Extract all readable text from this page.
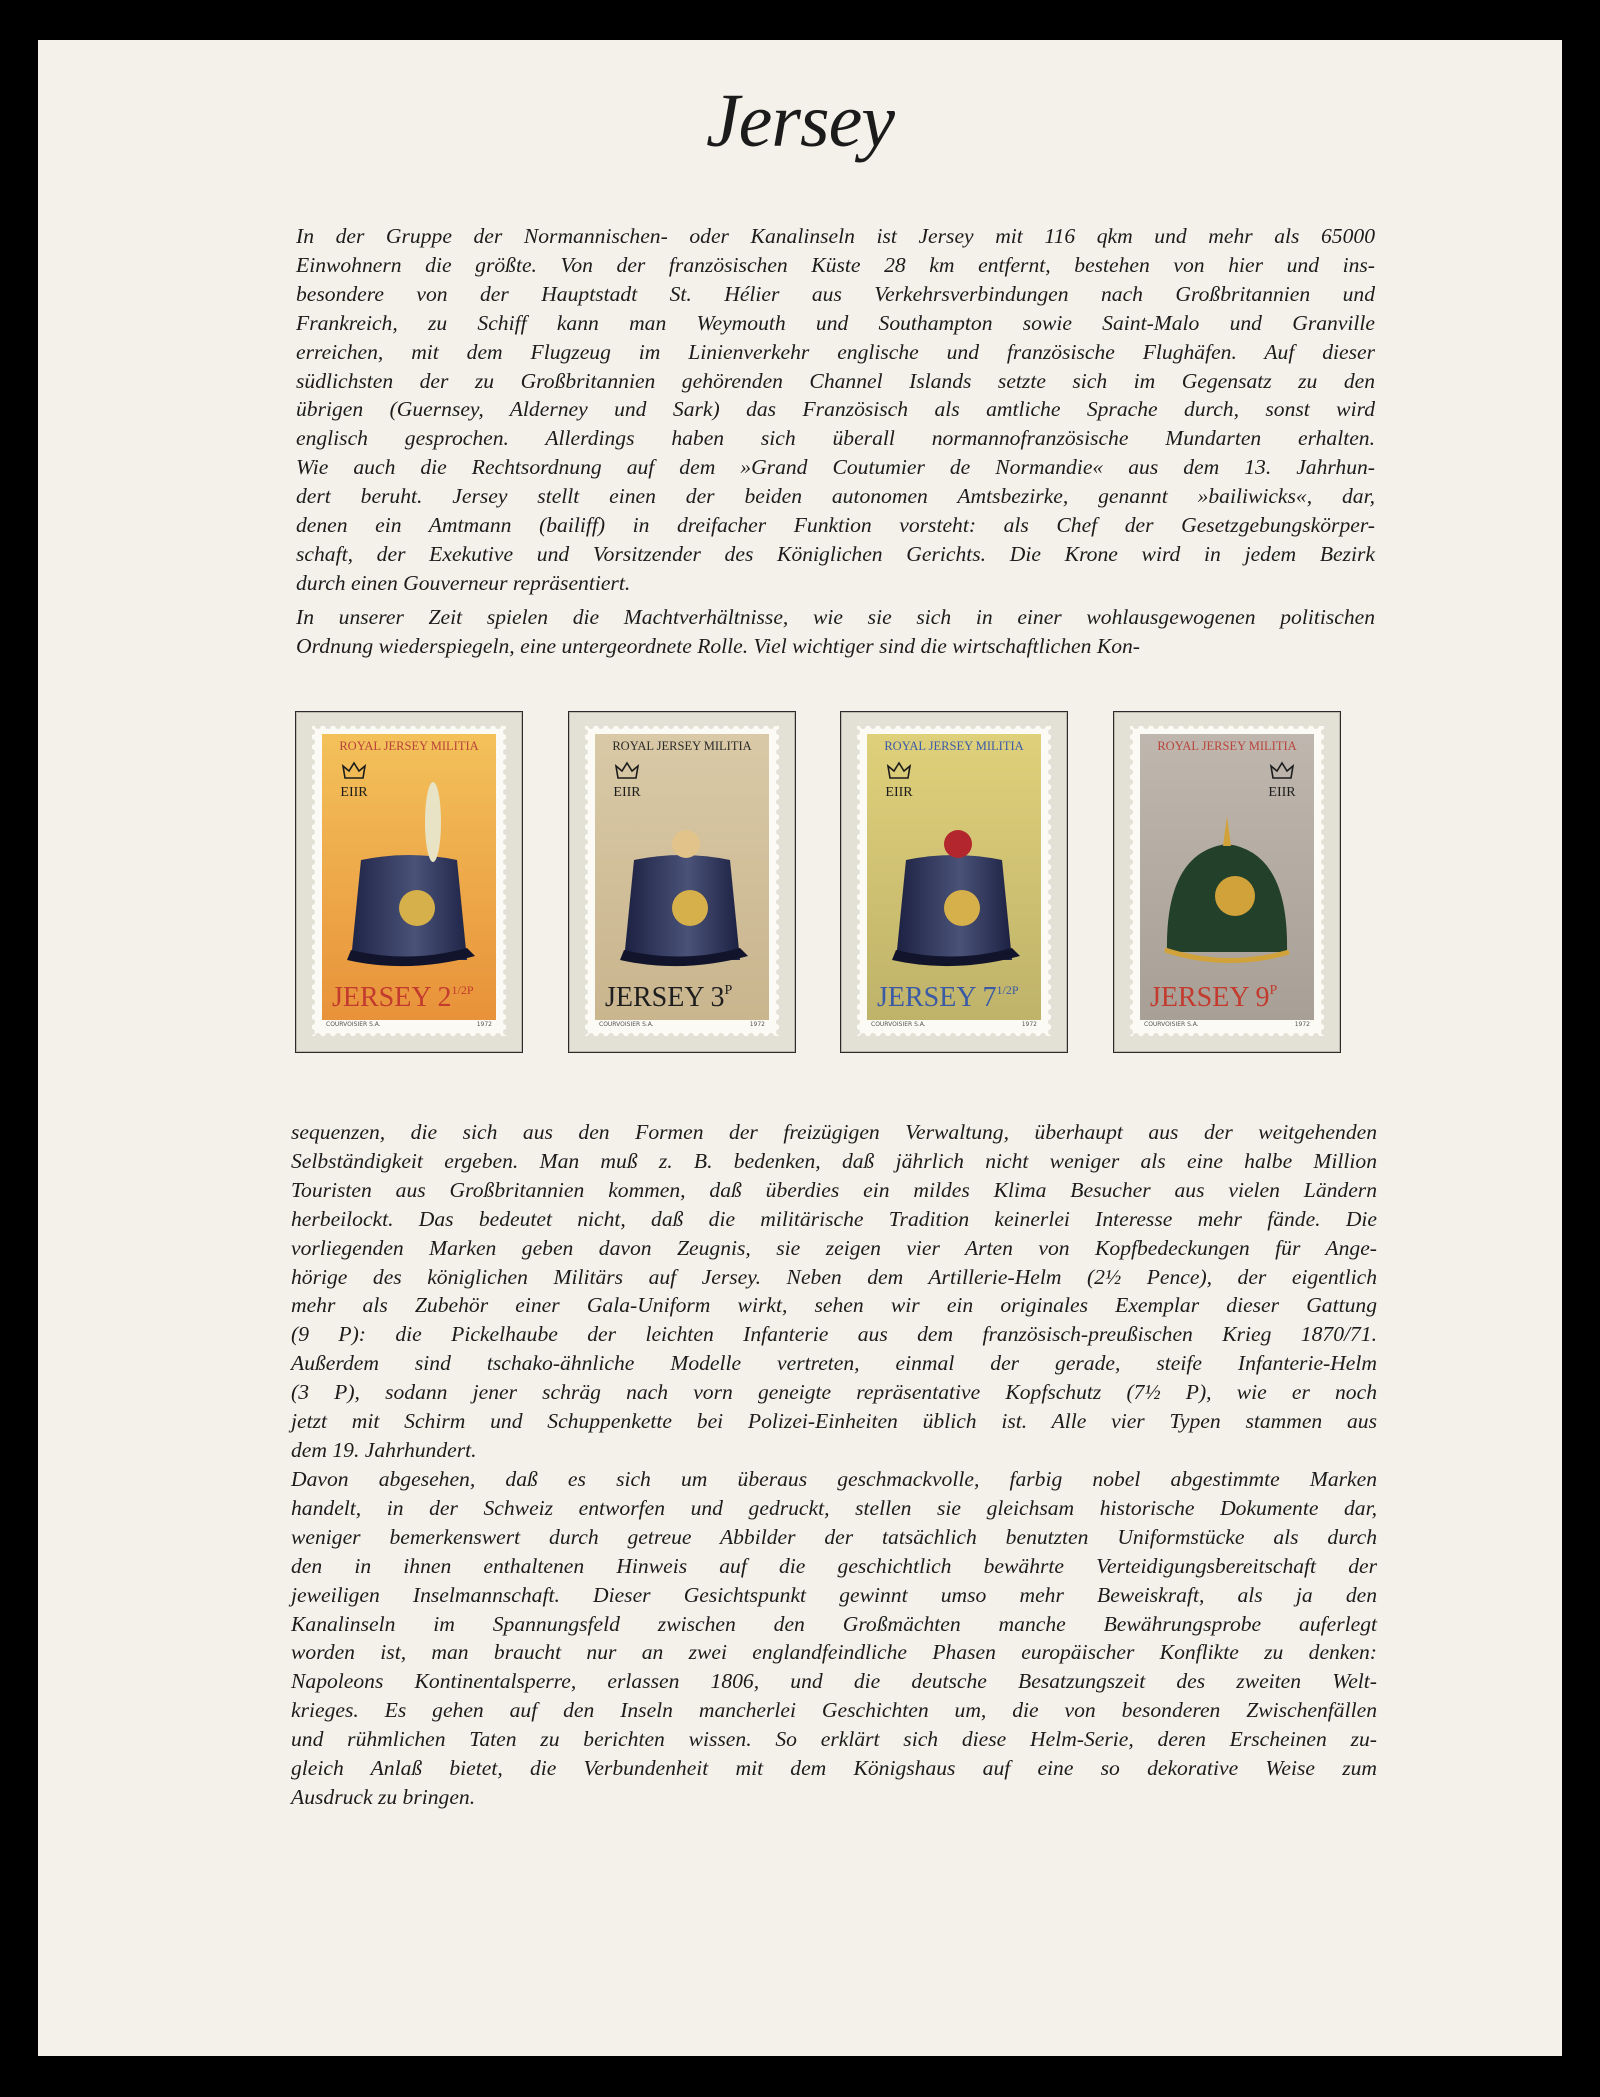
Jersey

In der Gruppe der Normannischen- oder Kanalinseln ist Jersey mit 116 qkm und mehr als 65000
Einwohnern die größte. Von der französischen Küste 28 km entfernt, bestehen von hier und ins-
besondere von der Hauptstadt St. Hélier aus Verkehrsverbindungen nach Großbritannien und
Frankreich, zu Schiff kann man Weymouth und Southampton sowie Saint-Malo und Granville
erreichen, mit dem Flugzeug im Linienverkehr englische und französische Flughäfen. Auf dieser
südlichsten der zu Großbritannien gehörenden Channel Islands setzte sich im Gegensatz zu den
übrigen (Guernsey, Alderney und Sark) das Französisch als amtliche Sprache durch, sonst wird
englisch gesprochen. Allerdings haben sich überall normannofranzösische Mundarten erhalten.
Wie auch die Rechtsordnung auf dem »Grand Coutumier de Normandie« aus dem 13. Jahrhun-
dert beruht. Jersey stellt einen der beiden autonomen Amtsbezirke, genannt »bailiwicks«, dar,
denen ein Amtmann (bailiff) in dreifacher Funktion vorsteht: als Chef der Gesetzgebungskörper-
schaft, der Exekutive und Vorsitzender des Königlichen Gerichts. Die Krone wird in jedem Bezirk
durch einen Gouverneur repräsentiert.

In unserer Zeit spielen die Machtverhältnisse, wie sie sich in einer wohlausgewogenen politischen
Ordnung wiederspiegeln, eine untergeordnete Rolle. Viel wichtiger sind die wirtschaftlichen Kon-

ROYAL JERSEY MILITIA
EIIR
JERSEY $2^{1/2}P$
COURVOISIER S.A.	1972
ROYAL JERSEY MILITIA
EIIR
JERSEY $3^P$
COURVOISIER S.A.	1972
ROYAL JERSEY MILITIA
EIIR
JERSEY $7^{1/2}P$
COURVOISIER S.A.	1972
ROYAL JERSEY MILITIA
EIIR
JERSEY $9^P$
COURVOISIER S.A.	1972

sequenzen, die sich aus den Formen der freizügigen Verwaltung, überhaupt aus der weitgehenden
Selbständigkeit ergeben. Man muß z. B. bedenken, daß jährlich nicht weniger als eine halbe Million
Touristen aus Großbritannien kommen, daß überdies ein mildes Klima Besucher aus vielen Ländern
herbeilockt. Das bedeutet nicht, daß die militärische Tradition keinerlei Interesse mehr fände. Die
vorliegenden Marken geben davon Zeugnis, sie zeigen vier Arten von Kopfbedeckungen für Ange-
hörige des königlichen Militärs auf Jersey. Neben dem Artillerie-Helm (2½ Pence), der eigentlich
mehr als Zubehör einer Gala-Uniform wirkt, sehen wir ein originales Exemplar dieser Gattung
(9 P): die Pickelhaube der leichten Infanterie aus dem französisch-preußischen Krieg 1870/71.
Außerdem sind tschako-ähnliche Modelle vertreten, einmal der gerade, steife Infanterie-Helm
(3 P), sodann jener schräg nach vorn geneigte repräsentative Kopfschutz (7½ P), wie er noch
jetzt mit Schirm und Schuppenkette bei Polizei-Einheiten üblich ist. Alle vier Typen stammen aus
dem 19. Jahrhundert.

Davon abgesehen, daß es sich um überaus geschmackvolle, farbig nobel abgestimmte Marken
handelt, in der Schweiz entworfen und gedruckt, stellen sie gleichsam historische Dokumente dar,
weniger bemerkenswert durch getreue Abbilder der tatsächlich benutzten Uniformstücke als durch
den in ihnen enthaltenen Hinweis auf die geschichtlich bewährte Verteidigungsbereitschaft der
jeweiligen Inselmannschaft. Dieser Gesichtspunkt gewinnt umso mehr Beweiskraft, als ja den
Kanalinseln im Spannungsfeld zwischen den Großmächten manche Bewährungsprobe auferlegt
worden ist, man braucht nur an zwei englandfeindliche Phasen europäischer Konflikte zu denken:
Napoleons Kontinentalsperre, erlassen 1806, und die deutsche Besatzungszeit des zweiten Welt-
krieges. Es gehen auf den Inseln mancherlei Geschichten um, die von besonderen Zwischenfällen
und rühmlichen Taten zu berichten wissen. So erklärt sich diese Helm-Serie, deren Erscheinen zu-
gleich Anlaß bietet, die Verbundenheit mit dem Königshaus auf eine so dekorative Weise zum
Ausdruck zu bringen.
